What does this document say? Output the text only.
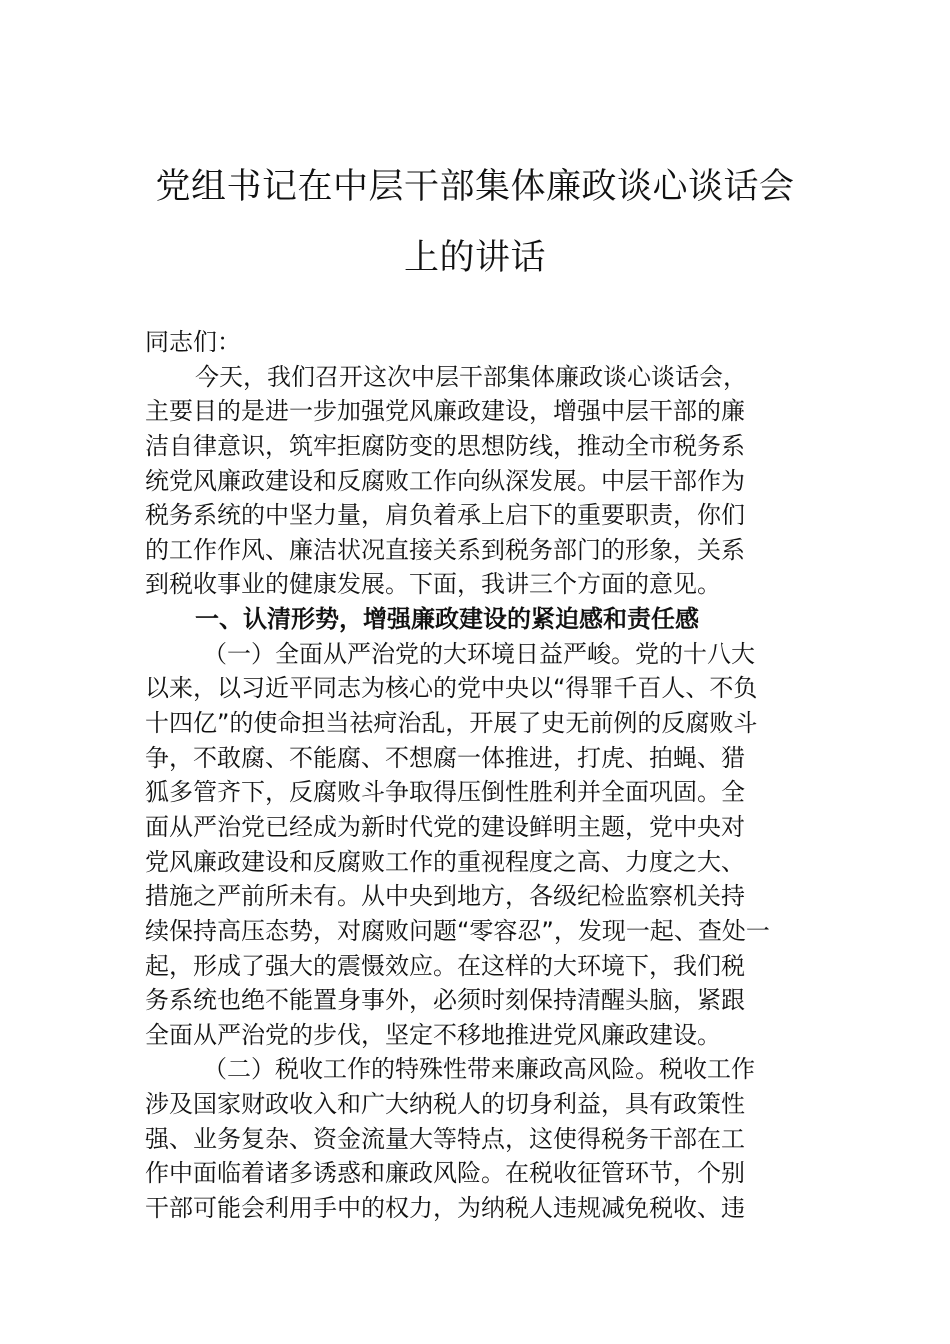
党组书记在中层干部集体廉政谈心谈话会
上的讲话
同志们：
今天，我们召开这次中层干部集体廉政谈心谈话会，
主要目的是进一步加强党风廉政建设，增强中层干部的廉
洁自律意识，筑牢拒腐防变的思想防线，推动全市税务系
统党风廉政建设和反腐败工作向纵深发展。中层干部作为
税务系统的中坚力量，肩负着承上启下的重要职责，你们
的工作作风、廉洁状况直接关系到税务部门的形象，关系
到税收事业的健康发展。下面，我讲三个方面的意见。
一、认清形势，增强廉政建设的紧迫感和责任感
（一）全面从严治党的大环境日益严峻。党的十八大
以来，以习近平同志为核心的党中央以“得罪千百人、不负
十四亿”的使命担当祛疴治乱，开展了史无前例的反腐败斗
争，不敢腐、不能腐、不想腐一体推进，打虎、拍蝇、猎
狐多管齐下，反腐败斗争取得压倒性胜利并全面巩固。全
面从严治党已经成为新时代党的建设鲜明主题，党中央对
党风廉政建设和反腐败工作的重视程度之高、力度之大、
措施之严前所未有。从中央到地方，各级纪检监察机关持
续保持高压态势，对腐败问题“零容忍”，发现一起、查处一
起，形成了强大的震慑效应。在这样的大环境下，我们税
务系统也绝不能置身事外，必须时刻保持清醒头脑，紧跟
全面从严治党的步伐，坚定不移地推进党风廉政建设。
（二）税收工作的特殊性带来廉政高风险。税收工作
涉及国家财政收入和广大纳税人的切身利益，具有政策性
强、业务复杂、资金流量大等特点，这使得税务干部在工
作中面临着诸多诱惑和廉政风险。在税收征管环节，个别
干部可能会利用手中的权力，为纳税人违规减免税收、违
